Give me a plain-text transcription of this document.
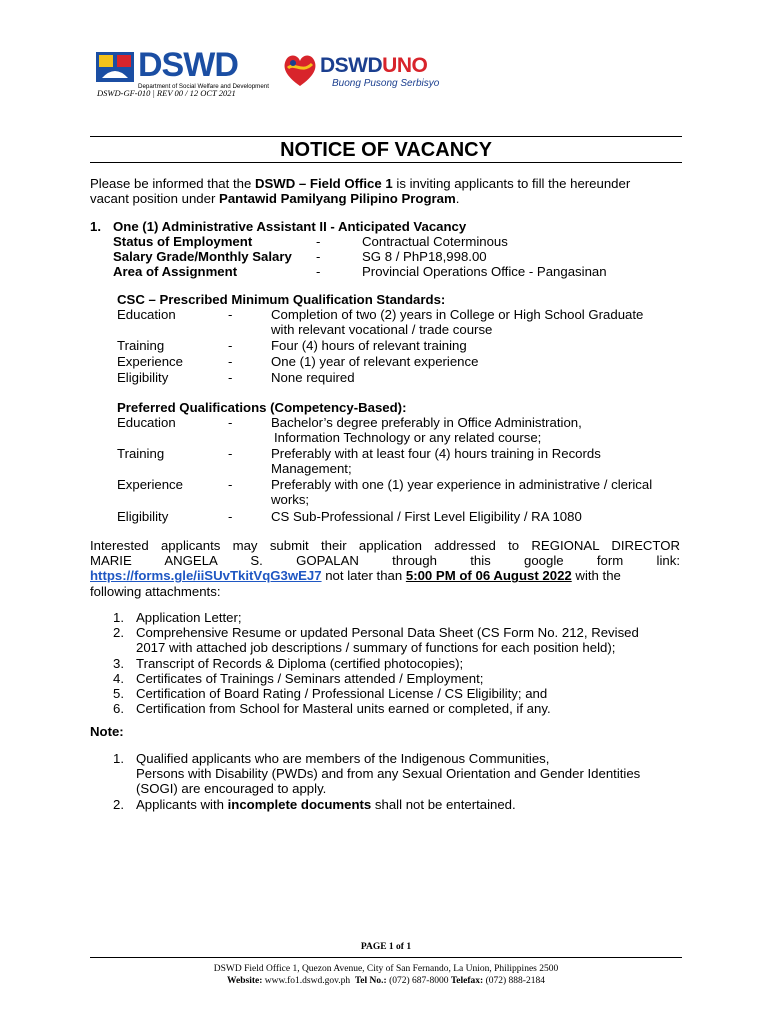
DSWD
Department of Social Welfare and Development
DSWD-GF-010 | REV 00 / 12 OCT 2021
DSWDUNO
Buong Pusong Serbisyo
NOTICE OF VACANCY
Please be informed that the DSWD – Field Office 1 is inviting applicants to fill the hereunder
vacant position under Pantawid Pamilyang Pilipino Program.
1. One (1) Administrative Assistant II - Anticipated Vacancy
Status of Employment	-	Contractual Coterminous
Salary Grade/Monthly Salary -	SG 8 / PhP18,998.00
Area of Assignment	-	Provincial Operations Office - Pangasinan
CSC – Prescribed Minimum Qualification Standards:
Education	-	Completion of two (2) years in College or High School Graduate
with relevant vocational / trade course
Training	-	Four (4) hours of relevant training
Experience	-	One (1) year of relevant experience
Eligibility	-	None required
Preferred Qualifications (Competency-Based):
Education	-	Bachelor’s degree preferably in Office Administration,
Information Technology or any related course;
Training	-	Preferably with at least four (4) hours training in Records
Management;
Experience	-	Preferably with one (1) year experience in administrative / clerical
works;
Eligibility	-	CS Sub-Professional / First Level Eligibility / RA 1080
Interested applicants may submit their application addressed to REGIONAL DIRECTOR
MARIE ANGELA S. GOPALAN through this google form link:
https://forms.gle/iiSUvTkitVqG3wEJ7 not later than 5:00 PM of 06 August 2022 with the
following attachments:
1. Application Letter;
2. Comprehensive Resume or updated Personal Data Sheet (CS Form No. 212, Revised
2017 with attached job descriptions / summary of functions for each position held);
3. Transcript of Records & Diploma (certified photocopies);
4. Certificates of Trainings / Seminars attended / Employment;
5. Certification of Board Rating / Professional License / CS Eligibility; and
6. Certification from School for Masteral units earned or completed, if any.
Note:
1. Qualified applicants who are members of the Indigenous Communities,
Persons with Disability (PWDs) and from any Sexual Orientation and Gender Identities
(SOGI) are encouraged to apply.
2. Applicants with incomplete documents shall not be entertained.
PAGE 1 of 1
DSWD Field Office 1, Quezon Avenue, City of San Fernando, La Union, Philippines 2500
Website: www.fo1.dswd.gov.ph Tel No.: (072) 687-8000 Telefax: (072) 888-2184
